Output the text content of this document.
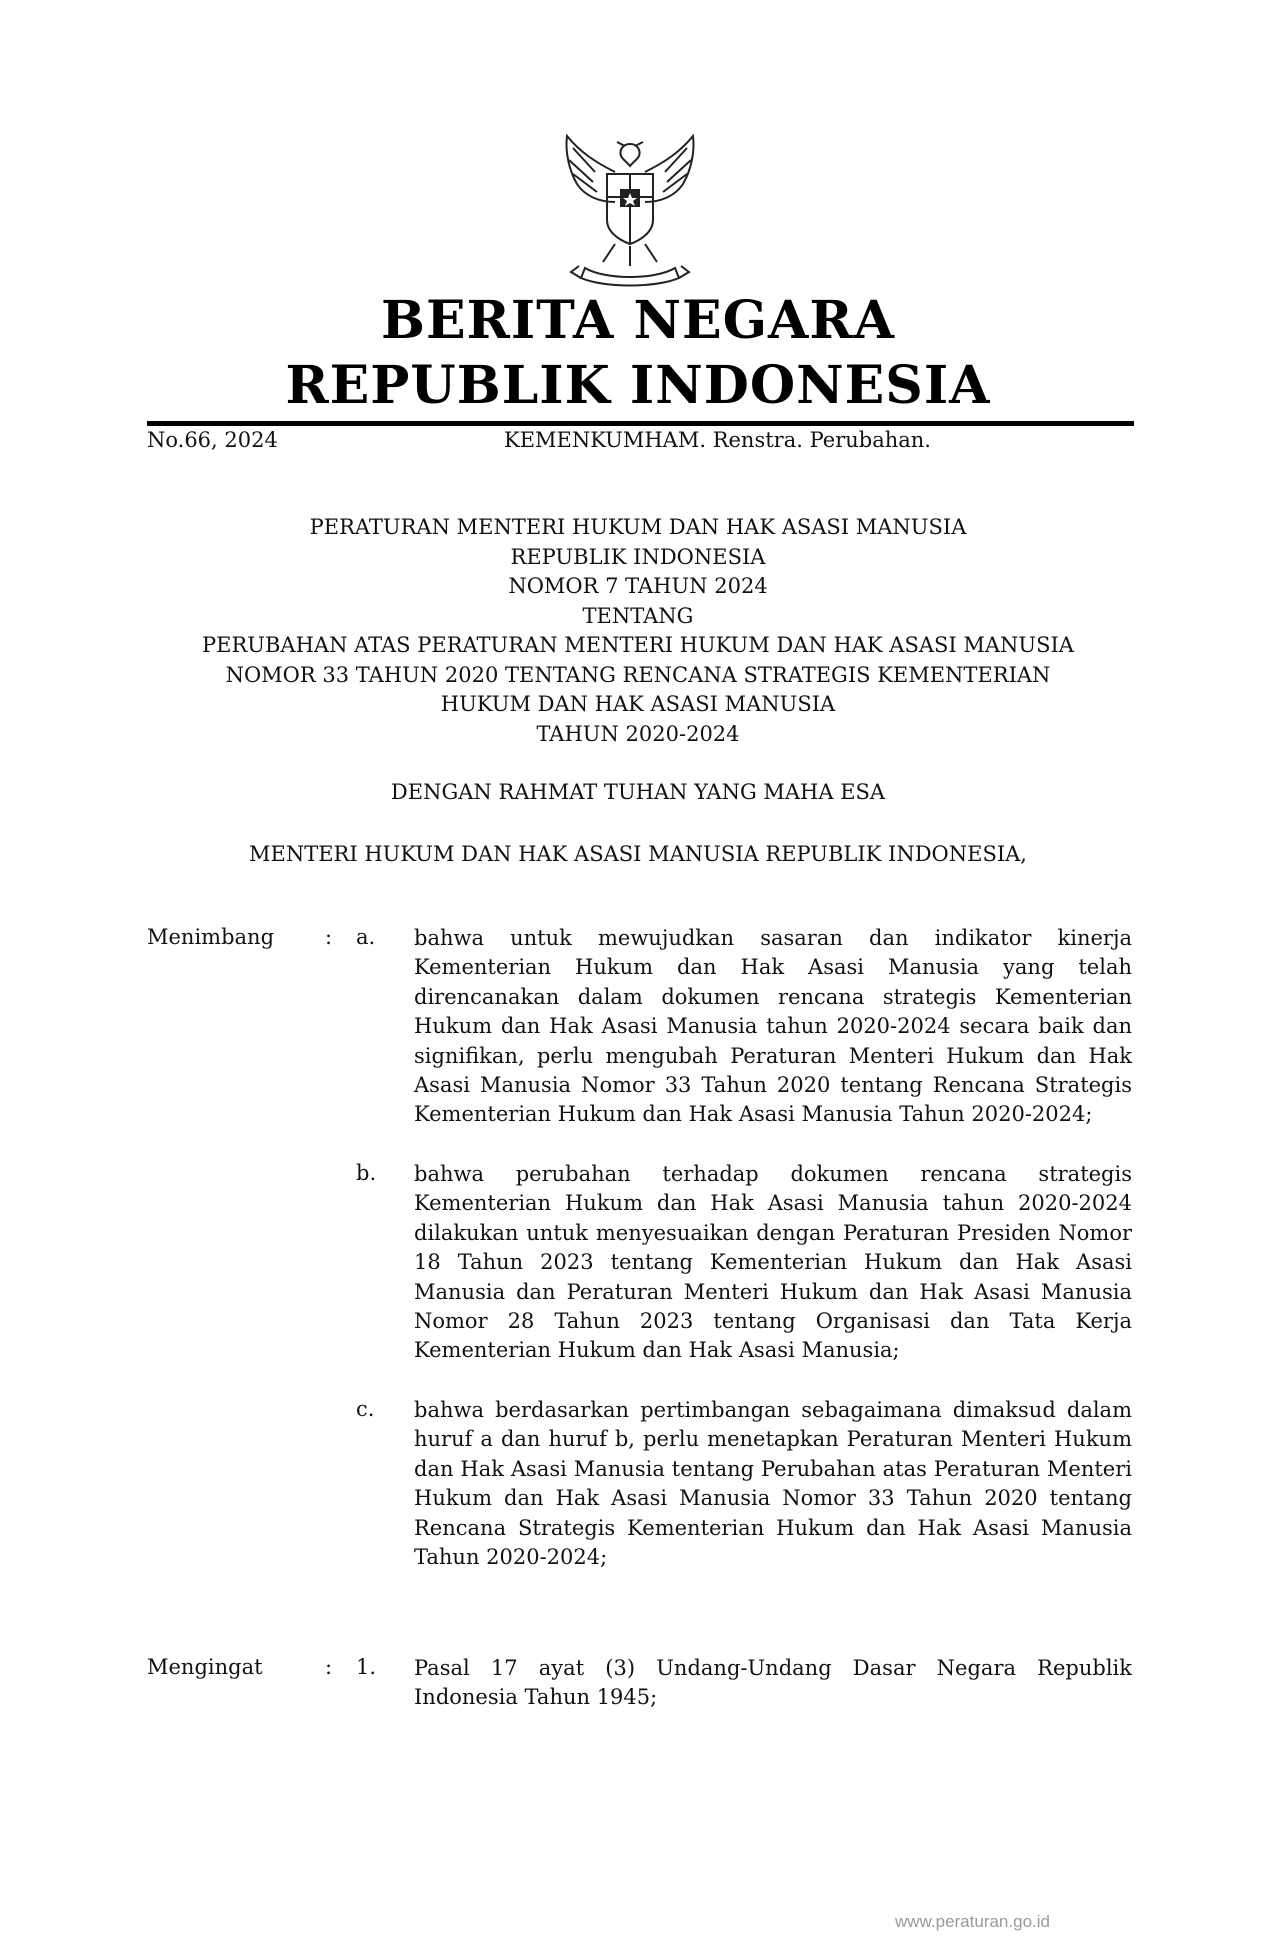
BERITA NEGARA
REPUBLIK INDONESIA
No.66, 2024	KEMENKUMHAM. Renstra. Perubahan.
PERATURAN MENTERI HUKUM DAN HAK ASASI MANUSIA
REPUBLIK INDONESIA
NOMOR 7 TAHUN 2024
TENTANG
PERUBAHAN ATAS PERATURAN MENTERI HUKUM DAN HAK ASASI MANUSIA
NOMOR 33 TAHUN 2020 TENTANG RENCANA STRATEGIS KEMENTERIAN
HUKUM DAN HAK ASASI MANUSIA
TAHUN 2020-2024
DENGAN RAHMAT TUHAN YANG MAHA ESA
MENTERI HUKUM DAN HAK ASASI MANUSIA REPUBLIK INDONESIA,
Menimbang : a. bahwa untuk mewujudkan sasaran dan indikator kinerja Kementerian Hukum dan Hak Asasi Manusia yang telah direncanakan dalam dokumen rencana strategis Kementerian Hukum dan Hak Asasi Manusia tahun 2020-2024 secara baik dan signifikan, perlu mengubah Peraturan Menteri Hukum dan Hak Asasi Manusia Nomor 33 Tahun 2020 tentang Rencana Strategis Kementerian Hukum dan Hak Asasi Manusia Tahun 2020-2024;
b. bahwa perubahan terhadap dokumen rencana strategis Kementerian Hukum dan Hak Asasi Manusia tahun 2020-2024 dilakukan untuk menyesuaikan dengan Peraturan Presiden Nomor 18 Tahun 2023 tentang Kementerian Hukum dan Hak Asasi Manusia dan Peraturan Menteri Hukum dan Hak Asasi Manusia Nomor 28 Tahun 2023 tentang Organisasi dan Tata Kerja Kementerian Hukum dan Hak Asasi Manusia;
c. bahwa berdasarkan pertimbangan sebagaimana dimaksud dalam huruf a dan huruf b, perlu menetapkan Peraturan Menteri Hukum dan Hak Asasi Manusia tentang Perubahan atas Peraturan Menteri Hukum dan Hak Asasi Manusia Nomor 33 Tahun 2020 tentang Rencana Strategis Kementerian Hukum dan Hak Asasi Manusia Tahun 2020-2024;
Mengingat	: 1. Pasal 17 ayat (3) Undang-Undang Dasar Negara Republik Indonesia Tahun 1945;
www.peraturan.go.id
